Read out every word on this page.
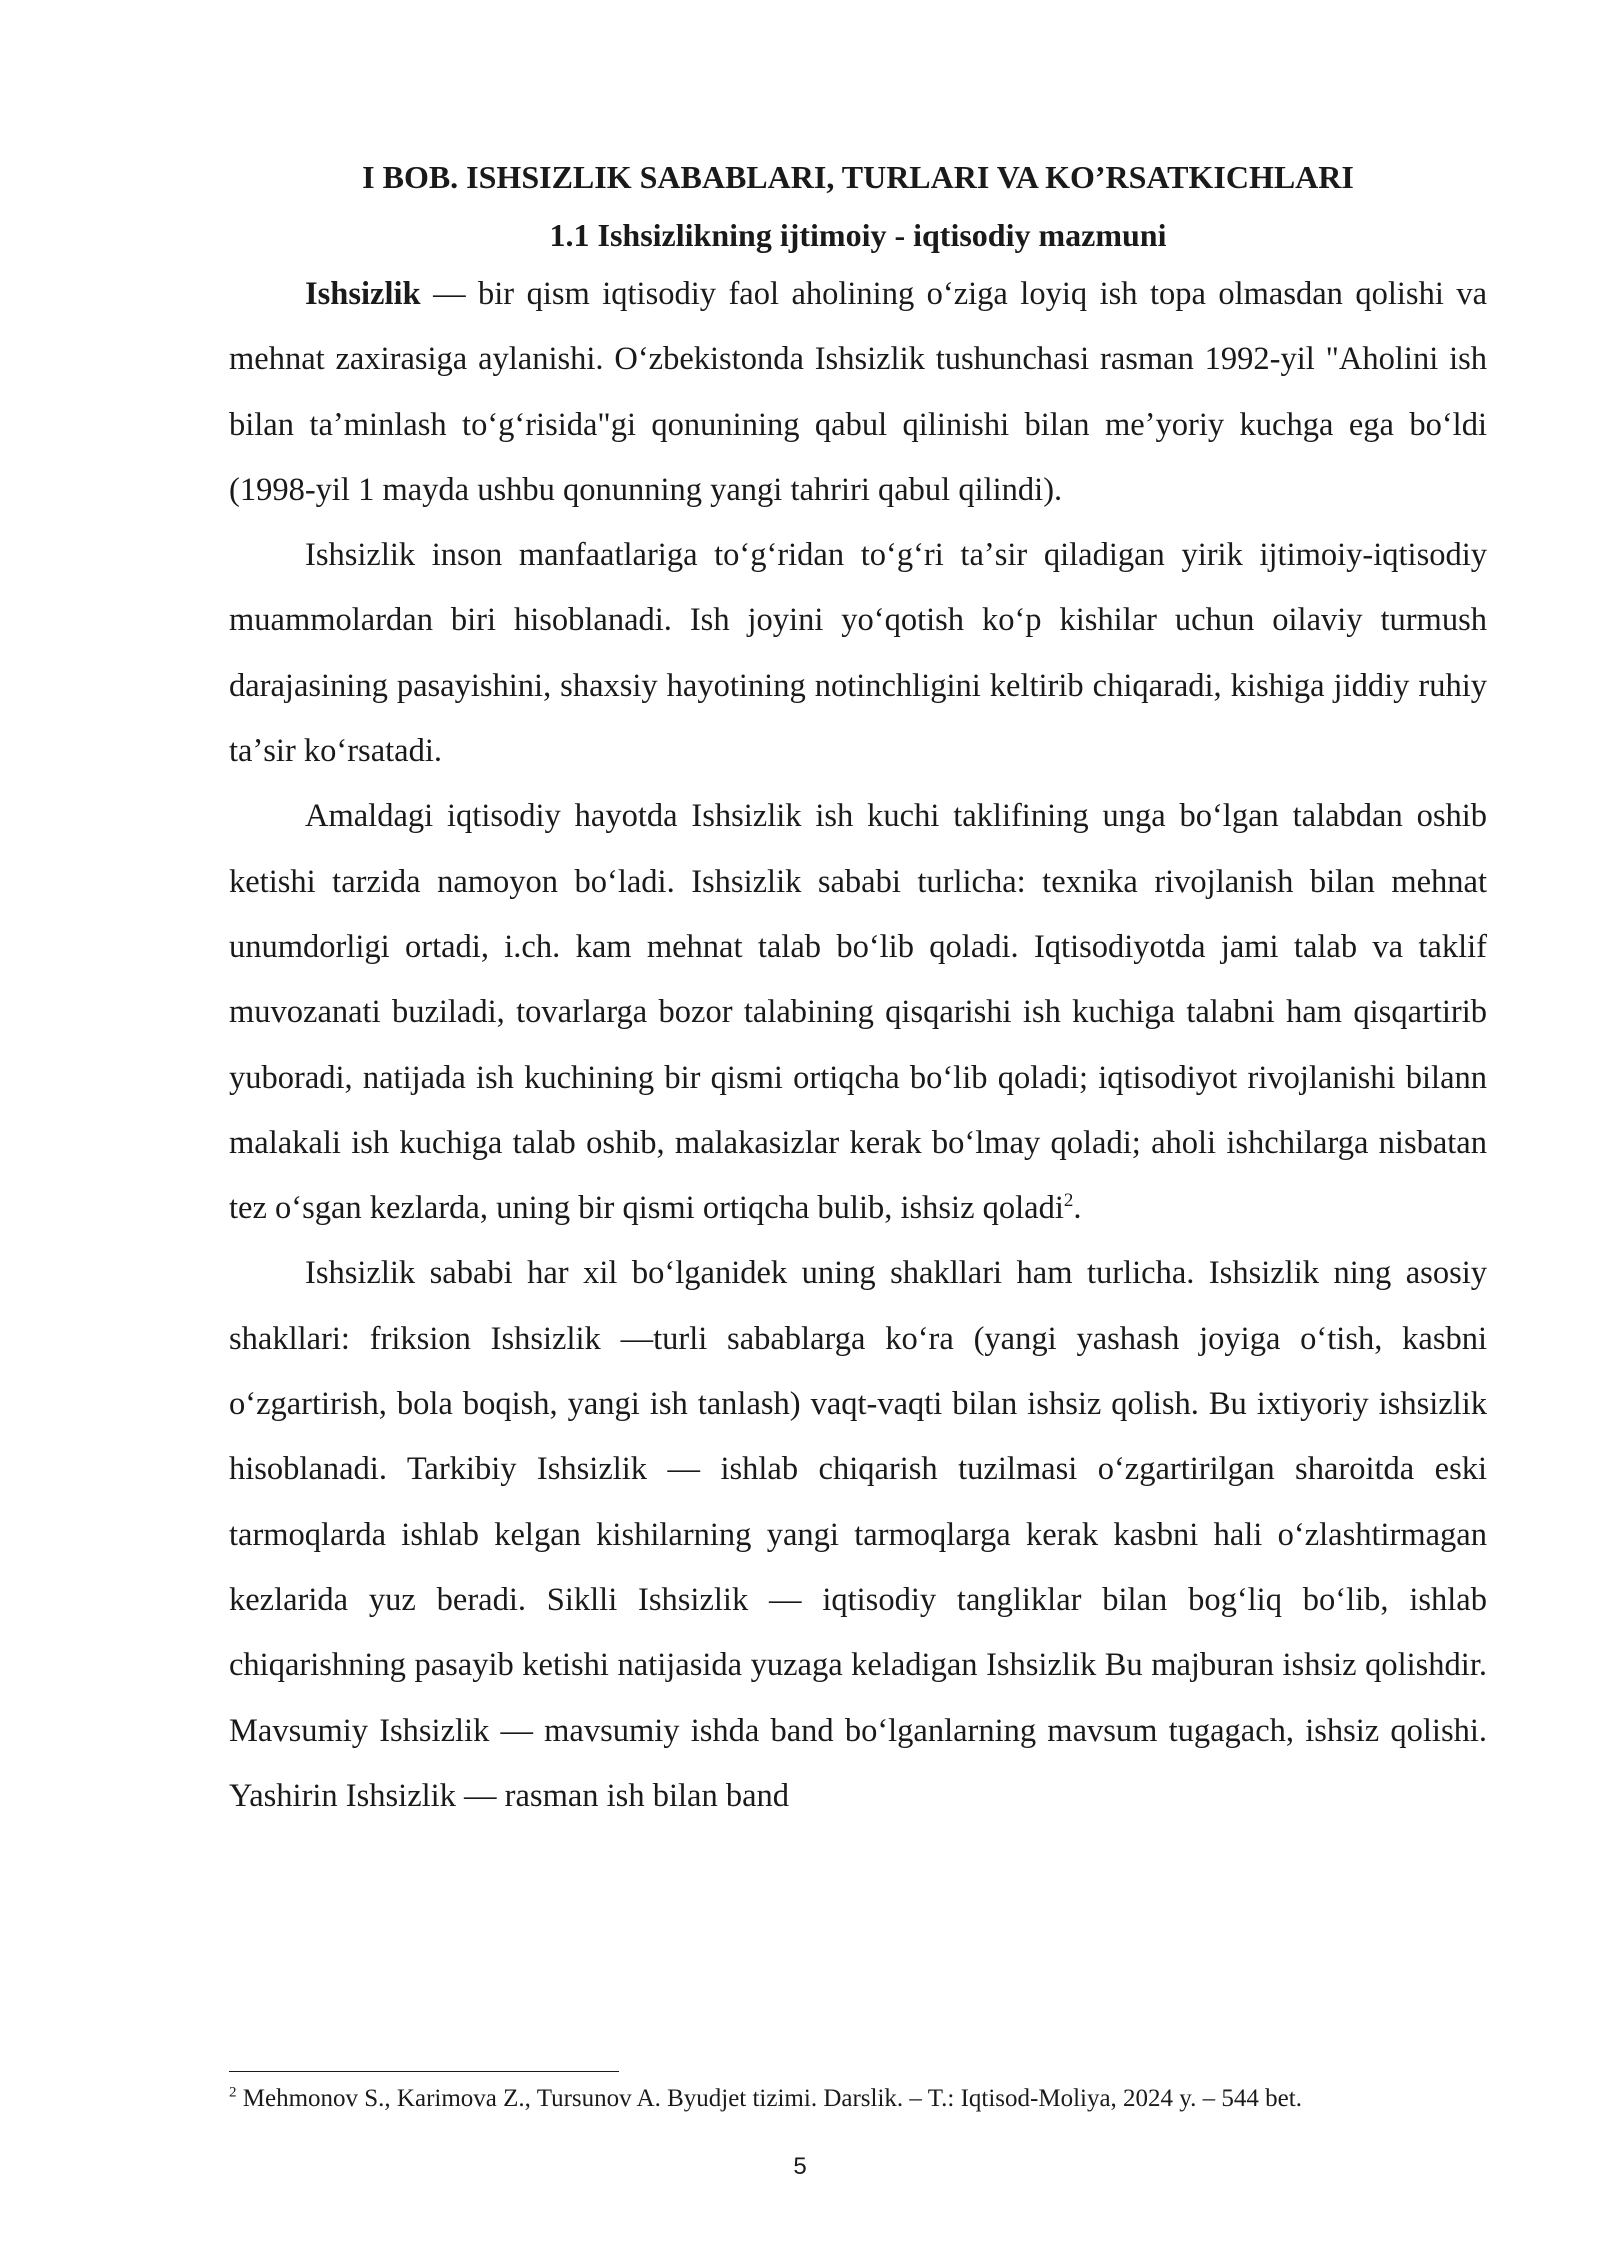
I BOB. ISHSIZLIK SABABLARI, TURLARI VA KO’RSATKICHLARI
1.1 Ishsizlikning ijtimoiy - iqtisodiy mazmuni

Ishsizlik — bir qism iqtisodiy faol aholining oʻziga loyiq ish topa olmasdan qolishi va mehnat zaxirasiga aylanishi. Oʻzbekistonda Ishsizlik tushunchasi rasman 1992-yil "Aholini ish bilan taʼminlash toʻgʻrisida"gi qonunining qabul qilinishi bilan meʼyoriy kuchga ega boʻldi (1998-yil 1 mayda ushbu qonunning yangi tahriri qabul qilindi).

Ishsizlik inson manfaatlariga toʻgʻridan toʻgʻri taʼsir qiladigan yirik ijtimoiy-iqtisodiy muammolardan biri hisoblanadi. Ish joyini yoʻqotish koʻp kishilar uchun oilaviy turmush darajasining pasayishini, shaxsiy hayotining notinchligini keltirib chiqaradi, kishiga jiddiy ruhiy taʼsir koʻrsatadi.

Amaldagi iqtisodiy hayotda Ishsizlik ish kuchi taklifining unga boʻlgan talabdan oshib ketishi tarzida namoyon boʻladi. Ishsizlik sababi turlicha: texnika rivojlanish bilan mehnat unumdorligi ortadi, i.ch. kam mehnat talab boʻlib qoladi. Iqtisodiyotda jami talab va taklif muvozanati buziladi, tovarlarga bozor talabining qisqarishi ish kuchiga talabni ham qisqartirib yuboradi, natijada ish kuchining bir qismi ortiqcha boʻlib qoladi; iqtisodiyot rivojlanishi bilann malakali ish kuchiga talab oshib, malakasizlar kerak boʻlmay qoladi; aholi ishchilarga nisbatan tez oʻsgan kezlarda, uning bir qismi ortiqcha bulib, ishsiz qoladi$^2$.

Ishsizlik sababi har xil boʻlganidek uning shakllari ham turlicha. Ishsizlik ning asosiy shakllari: friksion Ishsizlik —turli sabablarga koʻra (yangi yashash joyiga oʻtish, kasbni oʻzgartirish, bola boqish, yangi ish tanlash) vaqt-vaqti bilan ishsiz qolish. Bu ixtiyoriy ishsizlik hisoblanadi. Tarkibiy Ishsizlik — ishlab chiqarish tuzilmasi oʻzgartirilgan sharoitda eski tarmoqlarda ishlab kelgan kishilarning yangi tarmoqlarga kerak kasbni hali oʻzlashtirmagan kezlarida yuz beradi. Siklli Ishsizlik — iqtisodiy tangliklar bilan bogʻliq boʻlib, ishlab chiqarishning pasayib ketishi natijasida yuzaga keladigan Ishsizlik Bu majburan ishsiz qolishdir. Mavsumiy Ishsizlik — mavsumiy ishda band boʻlganlarning mavsum tugagach, ishsiz qolishi. Yashirin Ishsizlik — rasman ish bilan band

$^2$ Mehmonov S., Karimova Z., Tursunov A. Byudjet tizimi. Darslik. – T.: Iqtisod-Moliya, 2024 y. – 544 bet.

5
